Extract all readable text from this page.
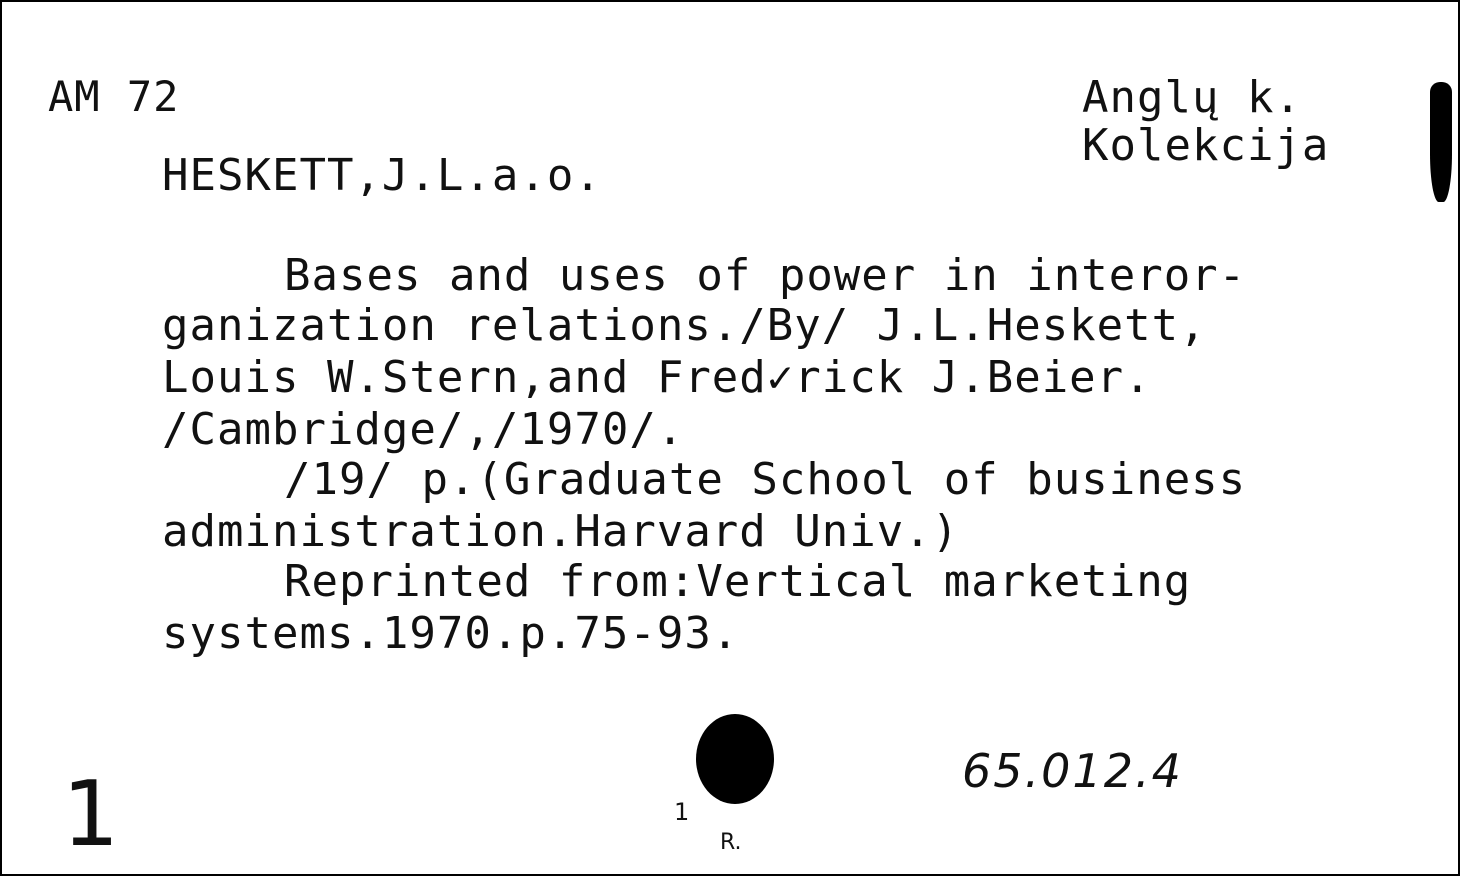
AM 72
HESKETT,J.L.a.o.
Anglų k.
Kolekcija
Bases and uses of power in interor-
ganization relations./By/ J.L.Heskett,
Louis W.Stern,and Fred✓rick J.Beier.
/Cambridge/,/1970/.
/19/ p.(Graduate School of business
administration.Harvard Univ.)
Reprinted from:Vertical marketing
systems.1970.p.75-93.
1	65.012.4
1
R.
